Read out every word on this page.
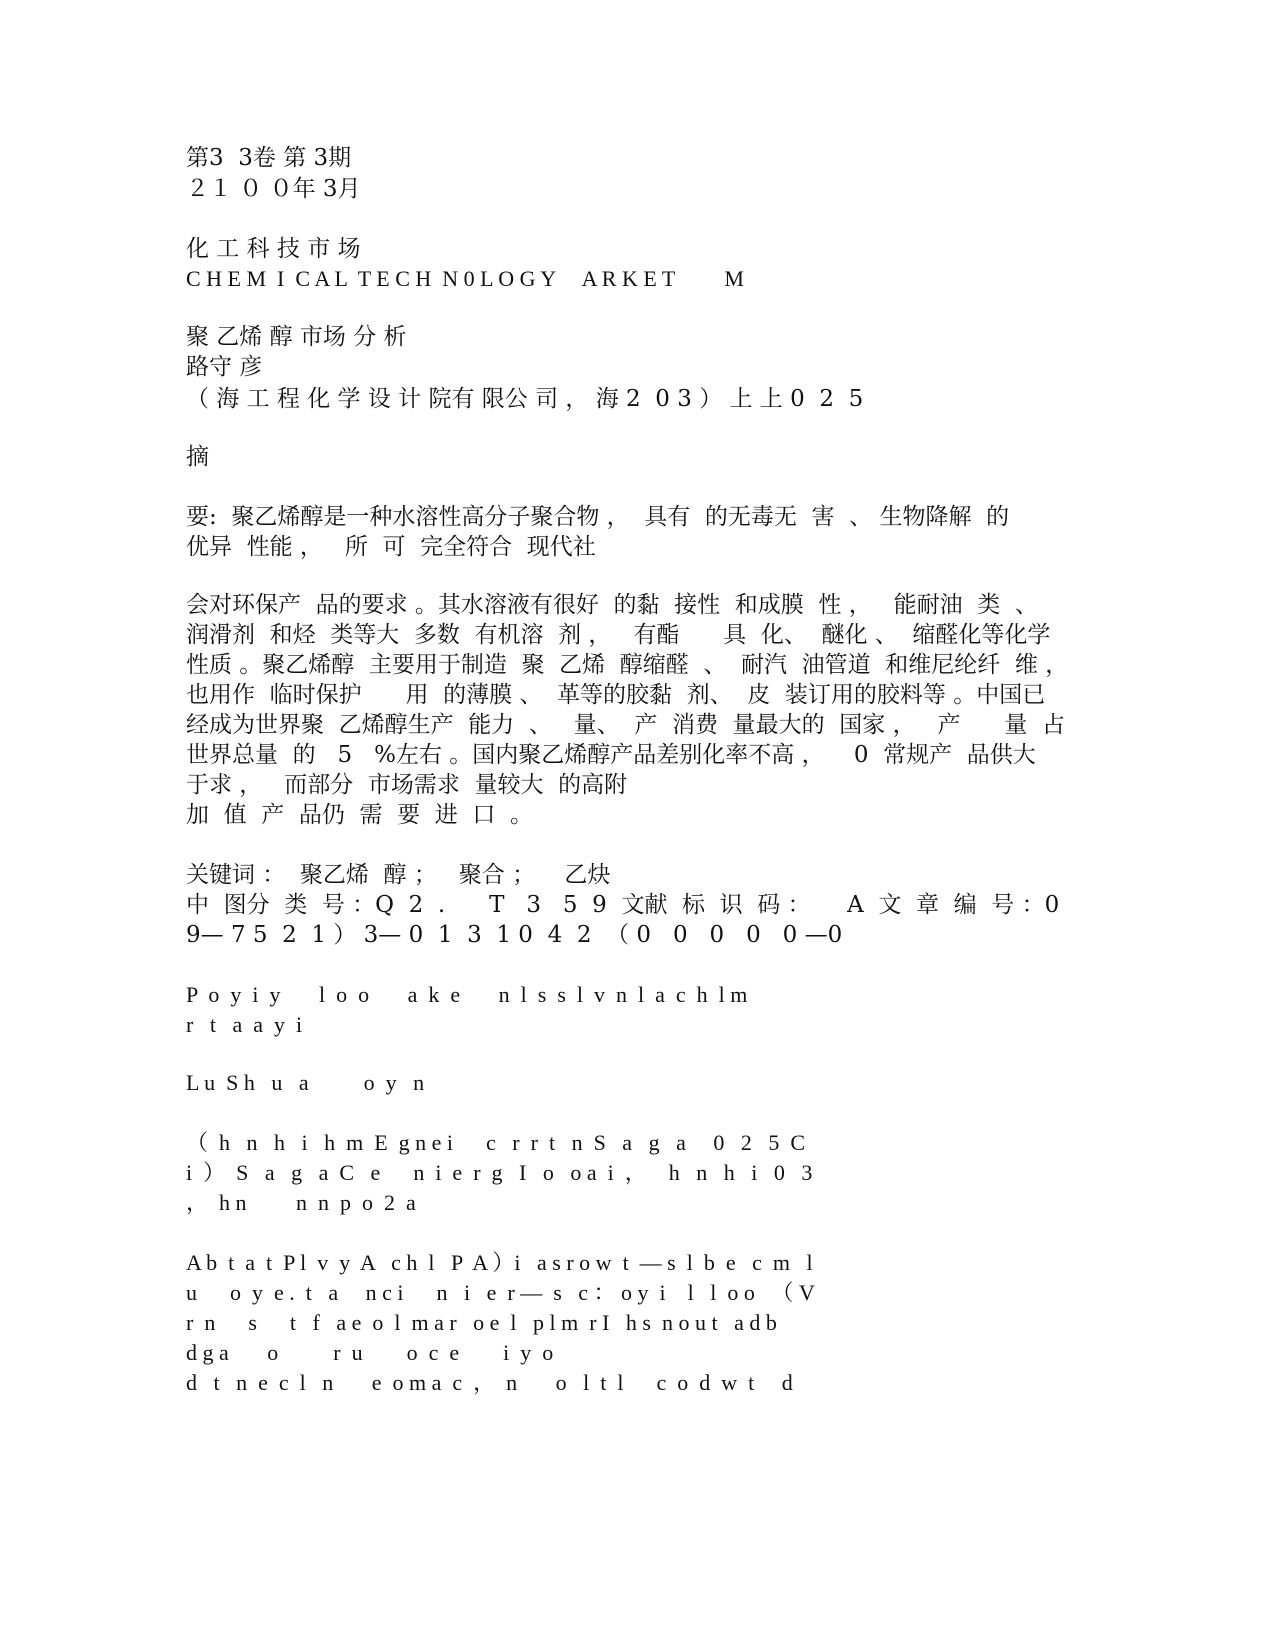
第3  3卷 第 3期
２１ ０ ０年 3月
化 工 科 技 市 场
C H E M  I  C A L  T E C H  N 0 L O G Y     A R K E T         M
聚 乙烯 醇 市场 分 析
路守 彦
（ 海 工 程 化 学 设 计 院有 限公 司 ， 海 2  0 3 ） 上 上 0  2  5
摘
要:  聚乙烯醇是一种水溶性高分子聚合物 ，  具有  的无毒无  害  、 生物降解  的
优异  性能 ，   所  可  完全符合  现代社
会对环保产  品的要求 。其水溶液有很好  的黏  接性  和成膜  性 ，   能耐油  类  、
润滑剂  和烃  类等大  多数  有机溶  剂 ，   有酯      具  化、  醚化 、  缩醛化等化学
性质 。聚乙烯醇  主要用于制造  聚  乙烯  醇缩醛  、  耐汽  油管道  和维尼纶纤  维 ，
也用作  临时保护      用  的薄膜 、  革等的胶黏  剂、  皮  装订用的胶料等 。中国已
经成为世界聚  乙烯醇生产  能力  、   量、  产  消费  量最大的  国家 ，   产      量  占
世界总量  的   5   %左右 。国内聚乙烯醇产品差别化率不高 ，    0  常规产  品供大
于求 ，   而部分  市场需求  量较大  的高附
加  值  产  品仍  需  要  进  口  。
关键词 ：  聚乙烯  醇 ；   聚合 ；    乙炔
中  图分  类  号 ：Q  2  .      T   3   5  9  文献  标  识  码 ：     A  文  章  编  号 ：0
9— 7 5  2  1 ） 3— 0  1  3  1 0  4  2  （ 0   0   0   0   0 —0
P  o  y  i  y       l  o  o       a  k  e       n  l  s  s  l  v  n  l  a  c  h  l m
r   t   a  a  y  i
L u  S h   u   a          o  y   n
（  h   n   h   i   h  m  E  g n e i      c   r  r  t   n  S   a   g   a     0   2   5  C
i  ）  S   a   g   a  C   e      n  i  e  r  g   I   o   o a  i  ，    h   n   h   i   0   3
，  h n         n  n  p  o  2  a
A b  t  a  t  P l  v  y  A   c h  l   P  A ）i   a s r o w  t  — s  l  b  e   c  m   l
u      o  y  e .  t   a     n c i      n   i   e  r —  s   c ： o y  i    l   l  o o   （ V
r  n      s      t   f   a e  o  l  m a r   o e  l   p l m  r I   h s  n o u t   a d b
d g a       o          r  u        o  c  e        i  y  o
d   t   n  e  c  l   n       e  o m a  c  ，  n       o   l  t  l      c  o  d  w  t     d
